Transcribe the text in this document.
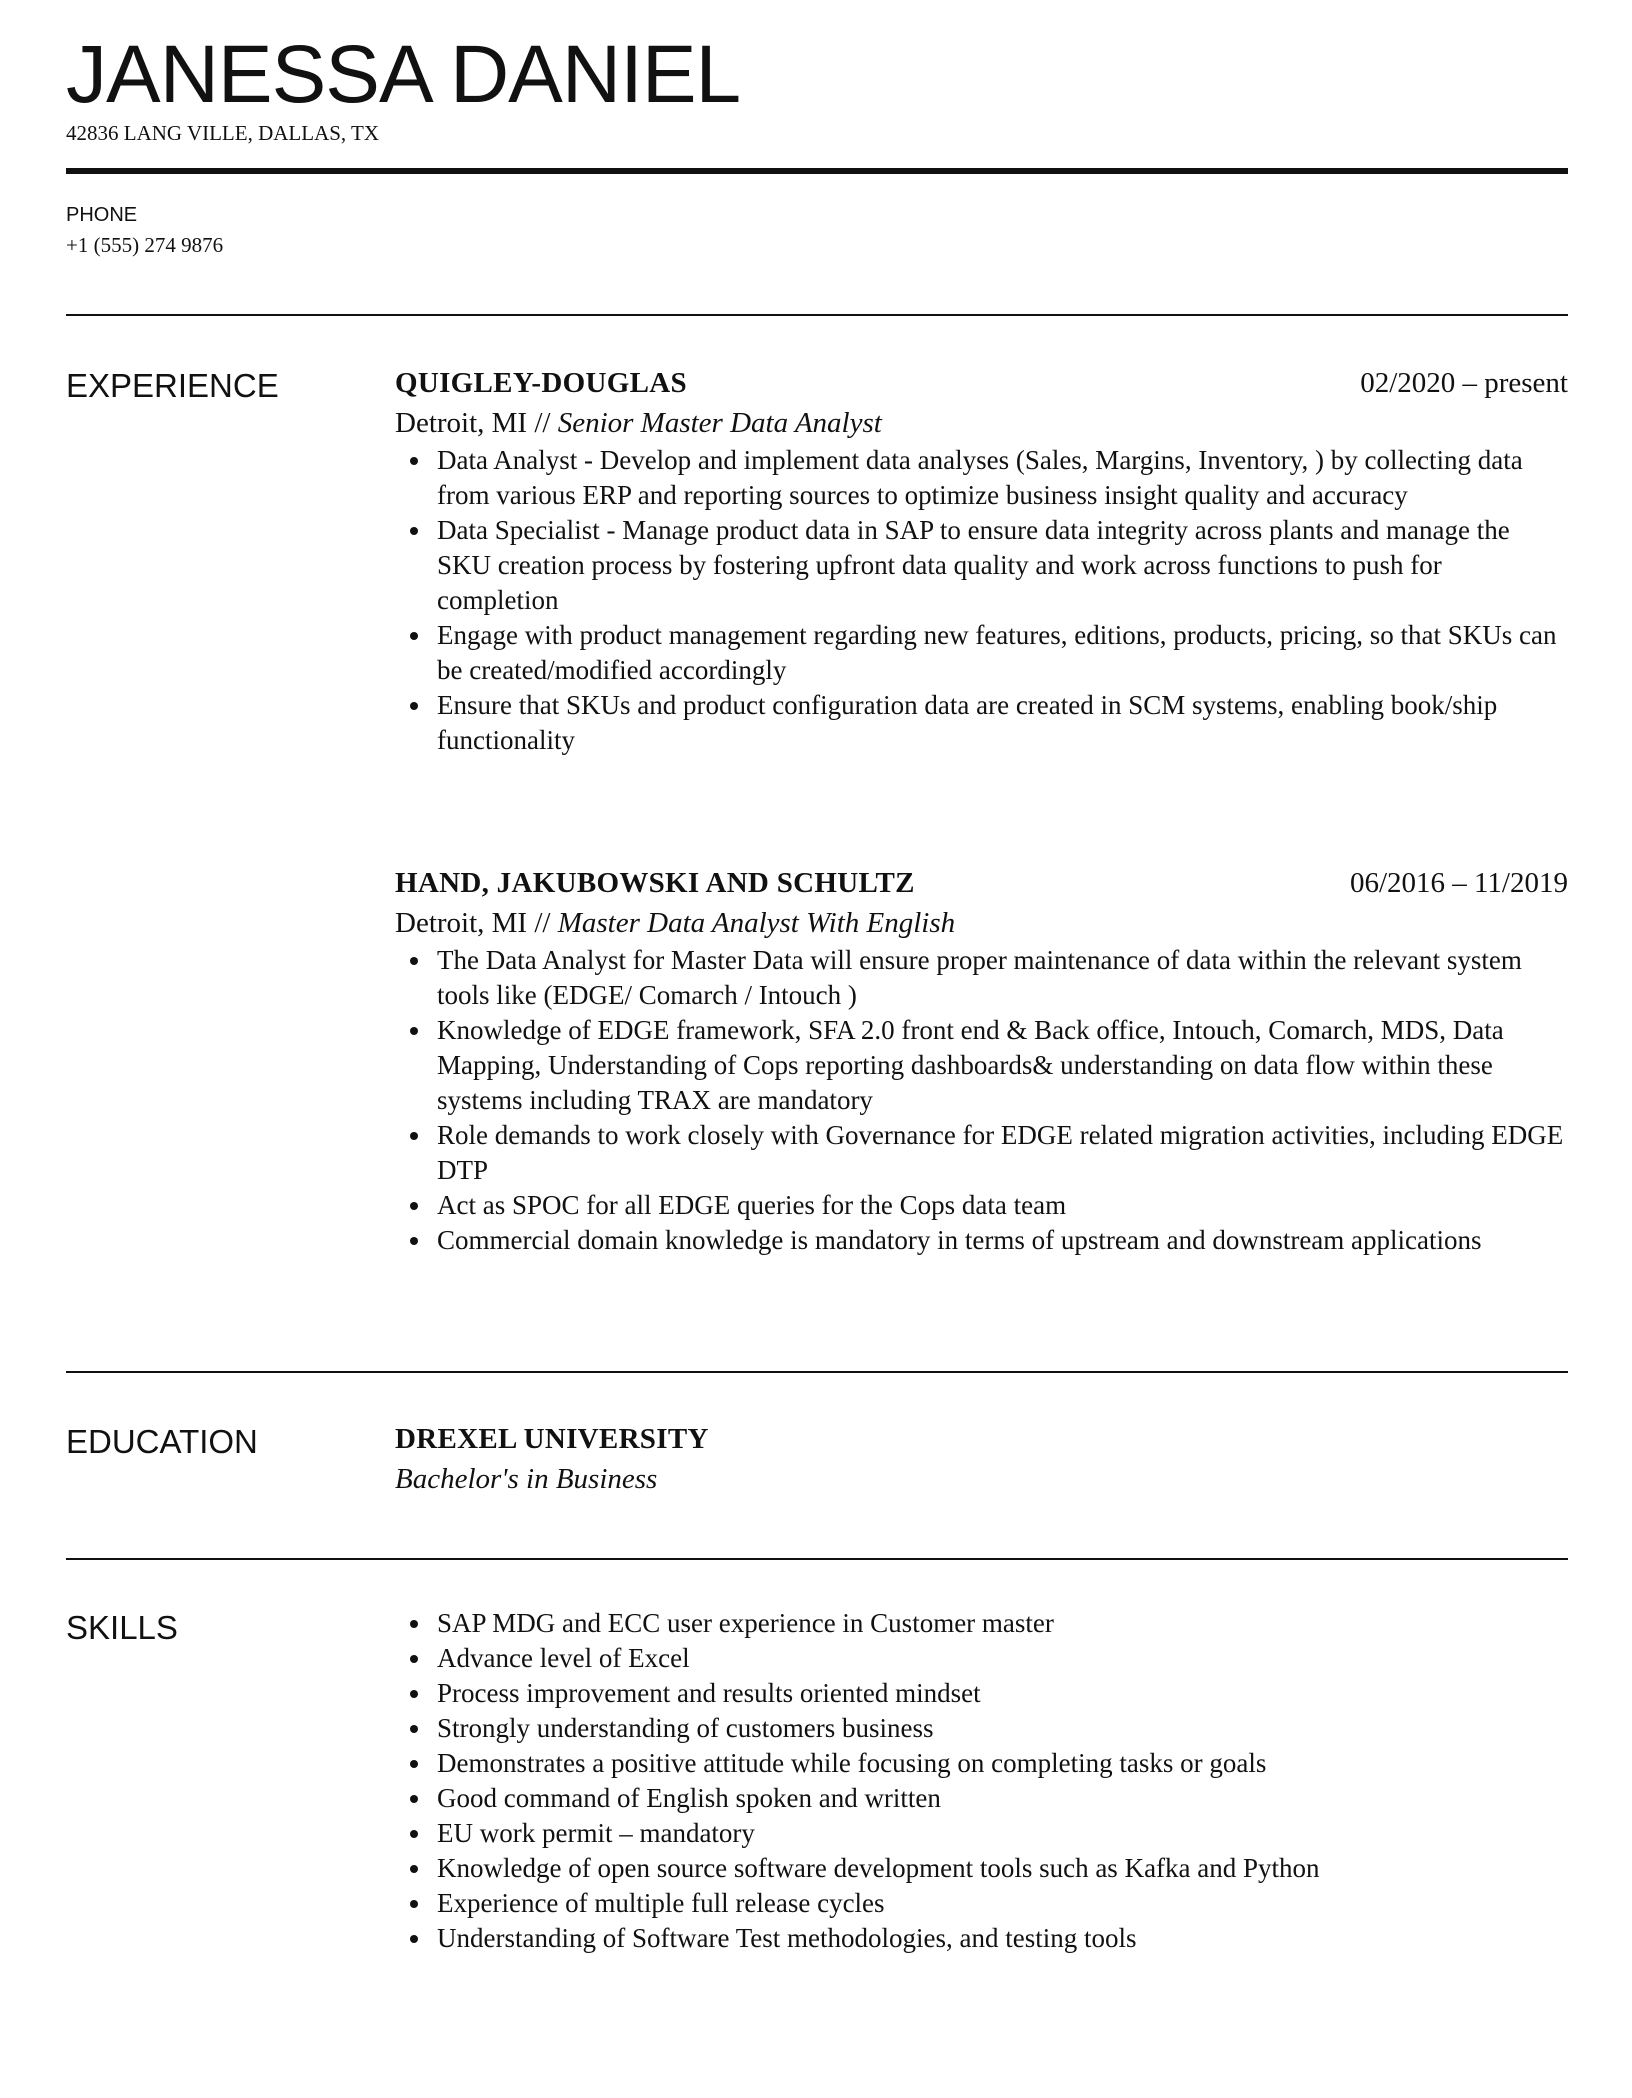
JANESSA DANIEL
42836 LANG VILLE, DALLAS, TX
PHONE
+1 (555) 274 9876
EXPERIENCE	QUIGLEY-DOUGLAS	02/2020 – present
Detroit, MI // Senior Master Data Analyst
Data Analyst - Develop and implement data analyses (Sales, Margins, Inventory, ) by collecting data from various ERP and reporting sources to optimize business insight quality and accuracy
Data Specialist - Manage product data in SAP to ensure data integrity across plants and manage the SKU creation process by fostering upfront data quality and work across functions to push for completion
Engage with product management regarding new features, editions, products, pricing, so that SKUs can be created/modified accordingly
Ensure that SKUs and product configuration data are created in SCM systems, enabling book/ship functionality
HAND, JAKUBOWSKI AND SCHULTZ	06/2016 – 11/2019
Detroit, MI // Master Data Analyst With English
The Data Analyst for Master Data will ensure proper maintenance of data within the relevant system tools like (EDGE/ Comarch / Intouch )
Knowledge of EDGE framework, SFA 2.0 front end & Back office, Intouch, Comarch, MDS, Data Mapping, Understanding of Cops reporting dashboards& understanding on data flow within these systems including TRAX are mandatory
Role demands to work closely with Governance for EDGE related migration activities, including EDGE DTP
Act as SPOC for all EDGE queries for the Cops data team
Commercial domain knowledge is mandatory in terms of upstream and downstream applications
EDUCATION	DREXEL UNIVERSITY
Bachelor's in Business
SKILLS	SAP MDG and ECC user experience in Customer master
Advance level of Excel
Process improvement and results oriented mindset
Strongly understanding of customers business
Demonstrates a positive attitude while focusing on completing tasks or goals
Good command of English spoken and written
EU work permit – mandatory
Knowledge of open source software development tools such as Kafka and Python
Experience of multiple full release cycles
Understanding of Software Test methodologies, and testing tools
